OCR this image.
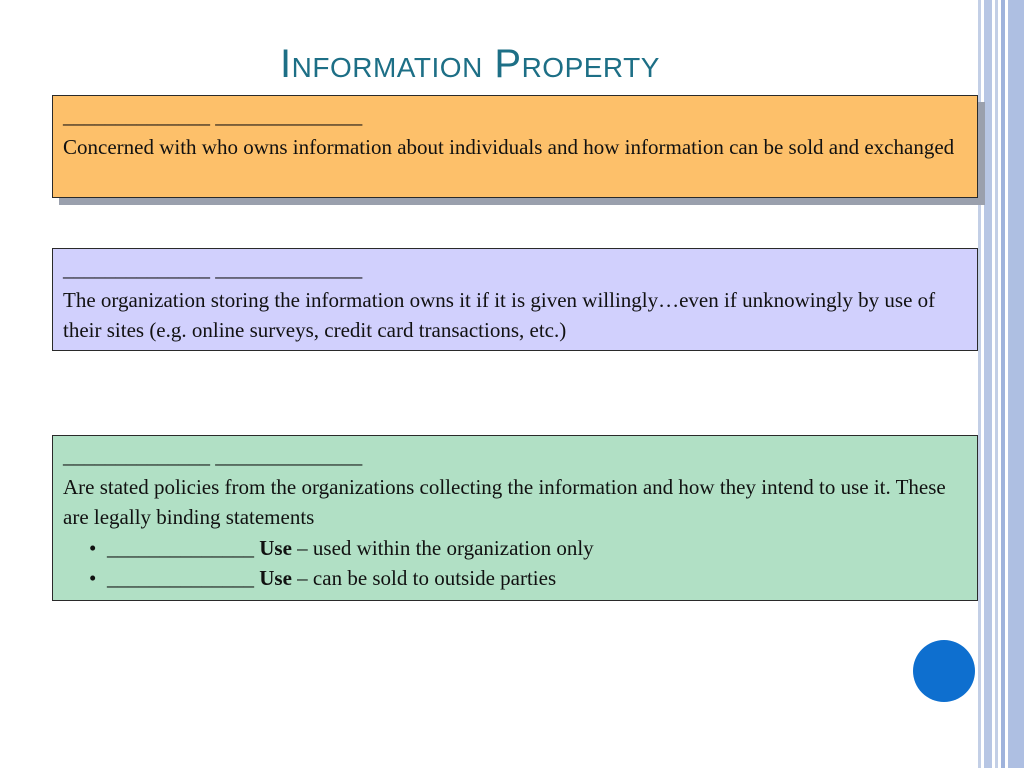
Information Property
______________ ______________
Concerned with who owns information about individuals and how information can be sold and exchanged
______________ ______________
The organization storing the information owns it if it is given willingly…even if unknowingly by use of their sites (e.g. online surveys, credit card transactions, etc.)
______________ ______________
Are stated policies from the organizations collecting the information and how they intend to use it. These are legally binding statements
• ______________ Use – used within the organization only
• ______________ Use – can be sold to outside parties
